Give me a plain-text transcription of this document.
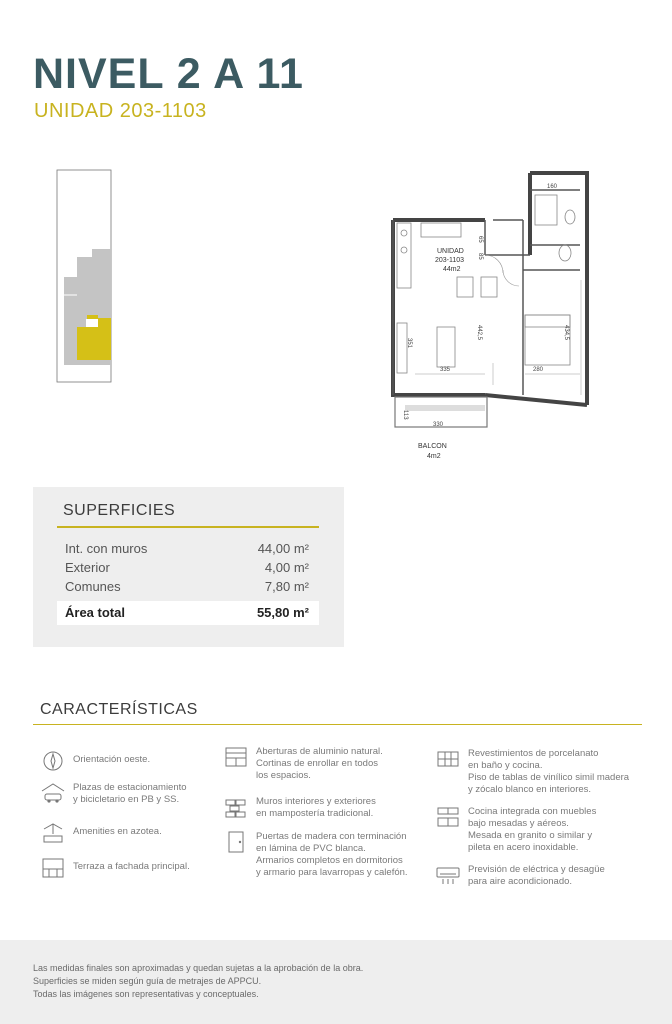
NIVEL 2 A 11
UNIDAD 203-1103
UNIDAD
203-1103
44m2
160
65
85
351
335
442,5
280
434,5
113
330
BALCON
4m2
SUPERFICIES
Int. con muros	44,00 m²
Exterior	4,00 m²
Comunes	7,80 m²
Área total	55,80 m²
CARACTERÍSTICAS
Orientación oeste.
Plazas de estacionamiento
y bicicletario en PB y SS.
Amenities en azotea.
Terraza a fachada principal.
Aberturas de aluminio natural.
Cortinas de enrollar en todos
los espacios.
Muros interiores y exteriores
en mampostería tradicional.
Puertas de madera con terminación
en lámina de PVC blanca.
Armarios completos en dormitorios
y armario para lavarropas y calefón.
Revestimientos de porcelanato
en baño y cocina.
Piso de tablas de vinílico simil madera
y zócalo blanco en interiores.
Cocina integrada con muebles
bajo mesadas y aéreos.
Mesada en granito o similar y
pileta en acero inoxidable.
Previsión de eléctrica y desagüe
para aire acondicionado.
Las medidas finales son aproximadas y quedan sujetas a la aprobación de la obra.
Superficies se miden según guía de metrajes de APPCU.
Todas las imágenes son representativas y conceptuales.
